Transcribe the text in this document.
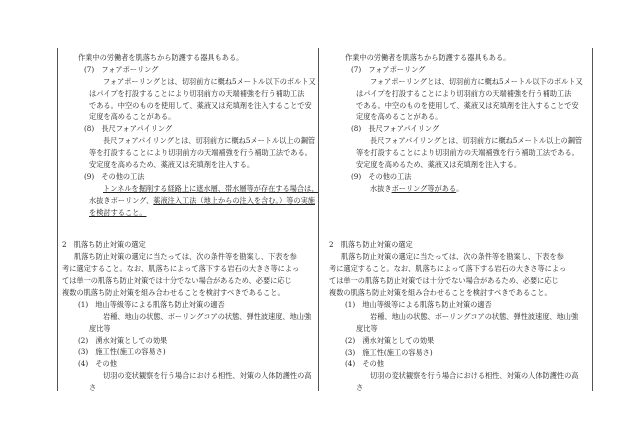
作業中の労働者を肌落ちから防護する器具もある。
(7)　フォアポーリング
フォアポーリングとは、切羽前方に概ね5メートル以下のボルト又
はパイプを打設することにより切羽前方の天端補強を行う補助工法
である。中空のものを使用して、薬液又は充填剤を注入することで安
定度を高めることがある。
(8)　長尺フォアパイリング
長尺フォアパイリングとは、切羽前方に概ね5メートル以上の鋼管
等を打設することにより切羽前方の天端補強を行う補助工法である。
安定度を高めるため、薬液又は充填剤を注入する。
(9)　その他の工法
トンネルを掘削する経路上に遮水層、帯水層等が存在する場合は、
水抜きボーリング、薬液注入工法（地上からの注入を含む。）等の実施
を検討すること。
2　肌落ち防止対策の選定
肌落ち防止対策の選定に当たっては、次の条件等を勘案し、下表を参
考に選定すること。なお、肌落ちによって落下する岩石の大きさ等によっ
ては単一の肌落ち防止対策では十分でない場合があるため、必要に応じ
複数の肌落ち防止対策を組み合わせることを検討すべきであること。
(1)　地山等級等による肌落ち防止対策の適否
岩種、地山の状態、ボーリングコアの状態、弾性波速度、地山強
度比等
(2)　湧水対策としての効果
(3)　施工性(施工の容易さ)
(4)　その他
切羽の変状観察を行う場合における相性、対策の人体防護性の高
さ
作業中の労働者を肌落ちから防護する器具もある。
(7)　フォアポーリング
フォアポーリングとは、切羽前方に概ね5メートル以下のボルト又
はパイプを打設することにより切羽前方の天端補強を行う補助工法
である。中空のものを使用して、薬液又は充填剤を注入することで安
定度を高めることがある。
(8)　長尺フォアパイリング
長尺フォアパイリングとは、切羽前方に概ね5メートル以上の鋼管
等を打設することにより切羽前方の天端補強を行う補助工法である。
安定度を高めるため、薬液又は充填剤を注入する。
(9)　その他の工法
水抜きボーリング等がある。
2　肌落ち防止対策の選定
肌落ち防止対策の選定に当たっては、次の条件等を勘案し、下表を参
考に選定すること。なお、肌落ちによって落下する岩石の大きさ等によっ
ては単一の肌落ち防止対策では十分でない場合があるため、必要に応じ
複数の肌落ち防止対策を組み合わせることを検討すべきであること。
(1)　地山等級等による肌落ち防止対策の適否
岩種、地山の状態、ボーリングコアの状態、弾性波速度、地山強
度比等
(2)　湧水対策としての効果
(3)　施工性(施工の容易さ)
(4)　その他
切羽の変状観察を行う場合における相性、対策の人体防護性の高
さ
